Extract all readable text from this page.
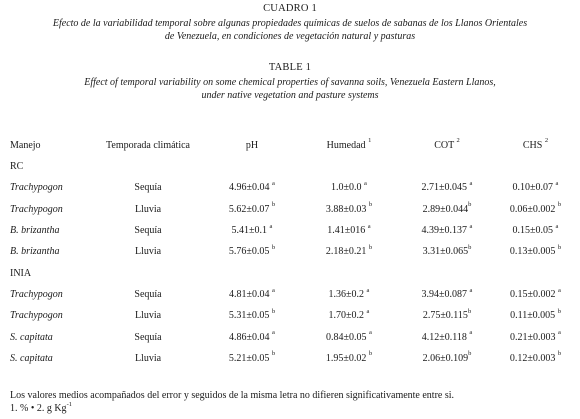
CUADRO 1
Efecto de la variabilidad temporal sobre algunas propiedades químicas de suelos de sabanas de los Llanos Orientales
de Venezuela, en condiciones de vegetación natural y pasturas
TABLE 1
Effect of temporal variability on some chemical properties of savanna soils, Venezuela Eastern Llanos,
under native vegetation and pasture systems
Manejo	Temporada climática	pH	Humedad $^1$	COT $^2$	CHS $^2$
RC					
Trachypogon	Sequía	4.96±0.04 $^a$	1.0±0.0 $^a$	2.71±0.045 $^a$	0.10±0.07 $^a$
Trachypogon	Lluvia	5.62±0.07 $^b$	3.88±0.03 $^b$	2.89±0.044$^b$	0.06±0.002 $^b$
B. brizantha	Sequía	5.41±0.1 $^a$	1.41±016 $^a$	4.39±0.137 $^a$	0.15±0.05 $^a$
B. brizantha	Lluvia	5.76±0.05 $^b$	2.18±0.21 $^b$	3.31±0.065$^b$	0.13±0.005 $^b$
INIA					
Trachypogon	Sequía	4.81±0.04 $^a$	1.36±0.2 $^a$	3.94±0.087 $^a$	0.15±0.002 $^a$
Trachypogon	Lluvia	5.31±0.05 $^b$	1.70±0.2 $^a$	2.75±0.115$^b$	0.11±0.005 $^b$
S. capitata	Sequía	4.86±0.04 $^a$	0.84±0.05 $^a$	4.12±0.118 $^a$	0.21±0.003 $^a$
S. capitata	Lluvia	5.21±0.05 $^b$	1.95±0.02 $^b$	2.06±0.109$^b$	0.12±0.003 $^b$
Los valores medios acompañados del error y seguidos de la misma letra no difieren significativamente entre si.
1. % • 2. g $Kg^{-1}$
